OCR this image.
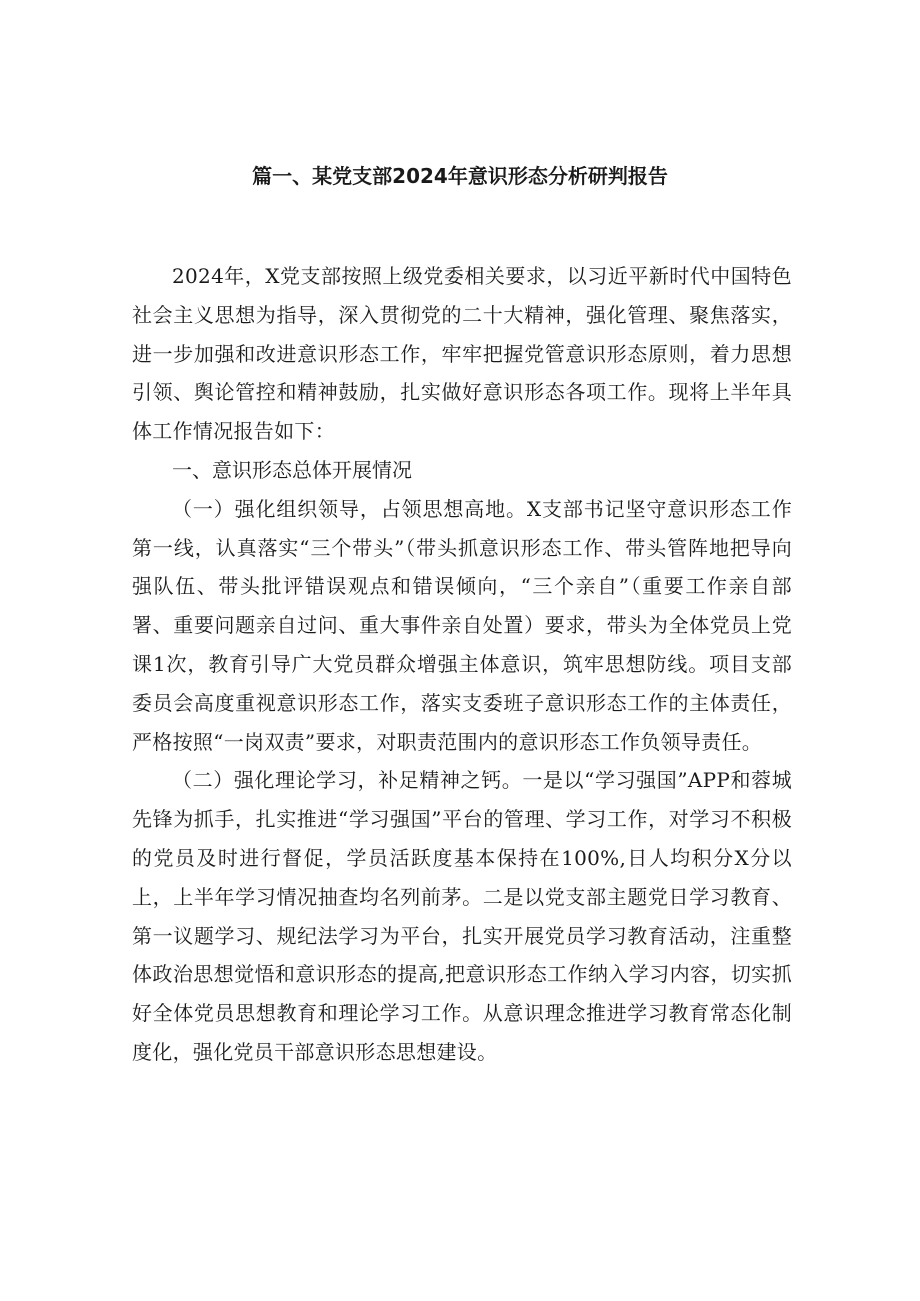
篇一、某党支部2024年意识形态分析研判报告

2024年，X党支部按照上级党委相关要求，以习近平新时代中国特色社会主义思想为指导，深入贯彻党的二十大精神，强化管理、聚焦落实，进一步加强和改进意识形态工作，牢牢把握党管意识形态原则，着力思想引领、舆论管控和精神鼓励，扎实做好意识形态各项工作。现将上半年具体工作情况报告如下：

一、意识形态总体开展情况

（一）强化组织领导，占领思想高地。X支部书记坚守意识形态工作第一线，认真落实“三个带头”（带头抓意识形态工作、带头管阵地把导向强队伍、带头批评错误观点和错误倾向，“三个亲自”（重要工作亲自部署、重要问题亲自过问、重大事件亲自处置）要求，带头为全体党员上党课1次，教育引导广大党员群众增强主体意识，筑牢思想防线。项目支部委员会高度重视意识形态工作，落实支委班子意识形态工作的主体责任，严格按照“一岗双责”要求，对职责范围内的意识形态工作负领导责任。

（二）强化理论学习，补足精神之钙。一是以“学习强国”APP和蓉城先锋为抓手，扎实推进“学习强国”平台的管理、学习工作，对学习不积极的党员及时进行督促，学员活跃度基本保持在100%,日人均积分X分以上，上半年学习情况抽查均名列前茅。二是以党支部主题党日学习教育、第一议题学习、规纪法学习为平台，扎实开展党员学习教育活动，注重整体政治思想觉悟和意识形态的提高,把意识形态工作纳入学习内容，切实抓好全体党员思想教育和理论学习工作。从意识理念推进学习教育常态化制度化，强化党员干部意识形态思想建设。
